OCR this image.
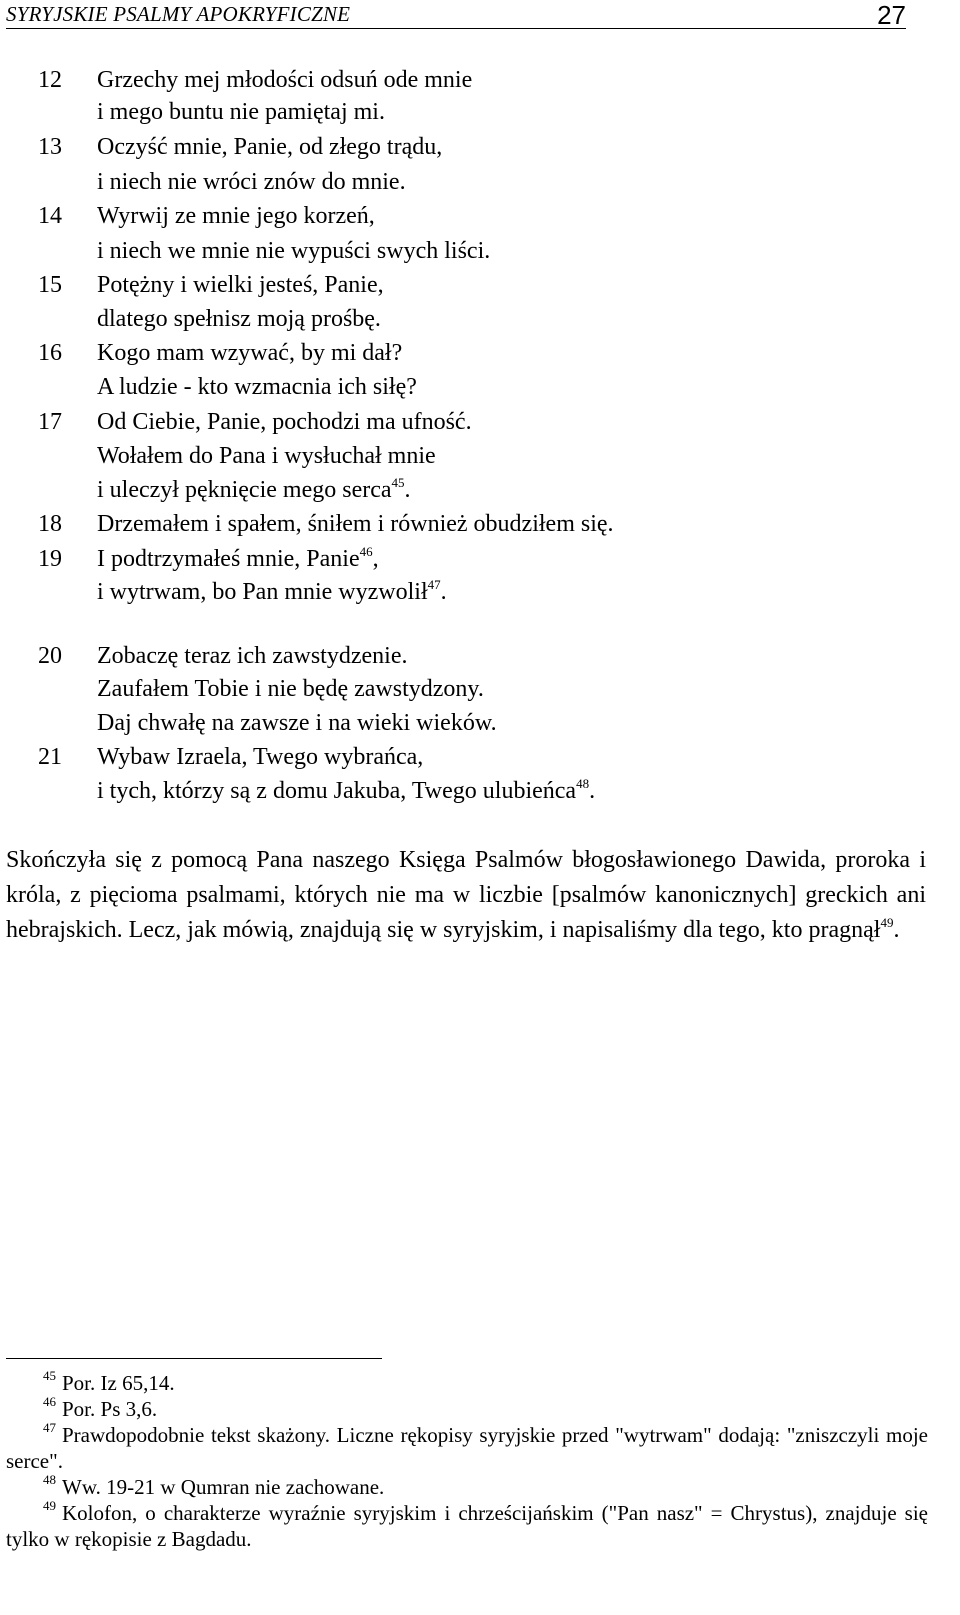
SYRYJSKIE PSALMY APOKRYFICZNE	27
12 Grzechy mej młodości odsuń ode mnie
i mego buntu nie pamiętaj mi.
13 Oczyść mnie, Panie, od złego trądu,
i niech nie wróci znów do mnie.
14 Wyrwij ze mnie jego korzeń,
i niech we mnie nie wypuści swych liści.
15 Potężny i wielki jesteś, Panie,
dlatego spełnisz moją prośbę.
16 Kogo mam wzywać, by mi dał?
A ludzie - kto wzmacnia ich siłę?
17 Od Ciebie, Panie, pochodzi ma ufność.
Wołałem do Pana i wysłuchał mnie
i uleczył pęknięcie mego serca$^{45}$.
18 Drzemałem i spałem, śniłem i również obudziłem się.
19 I podtrzymałeś mnie, Panie$^{46}$,
i wytrwam, bo Pan mnie wyzwolił$^{47}$.
20 Zobaczę teraz ich zawstydzenie.
Zaufałem Tobie i nie będę zawstydzony.
Daj chwałę na zawsze i na wieki wieków.
21 Wybaw Izraela, Twego wybrańca,
i tych, którzy są z domu Jakuba, Twego ulubieńca$^{48}$.

Skończyła się z pomocą Pana naszego Księga Psalmów błogosławionego Dawida, proroka i króla, z pięcioma psalmami, których nie ma w liczbie [psalmów kanonicznych] greckich ani hebrajskich. Lecz, jak mówią, znajdują się w syryjskim, i napisaliśmy dla tego, kto pragnął$^{49}$.

45 Por. Iz 65,14.

46 Por. Ps 3,6.

47 Prawdopodobnie tekst skażony. Liczne rękopisy syryjskie przed "wytrwam" dodają: "zniszczyli moje serce".

48 Ww. 19-21 w Qumran nie zachowane.

49 Kolofon, o charakterze wyraźnie syryjskim i chrześcijańskim ("Pan nasz" = Chrystus), znajduje się tylko w rękopisie z Bagdadu.
